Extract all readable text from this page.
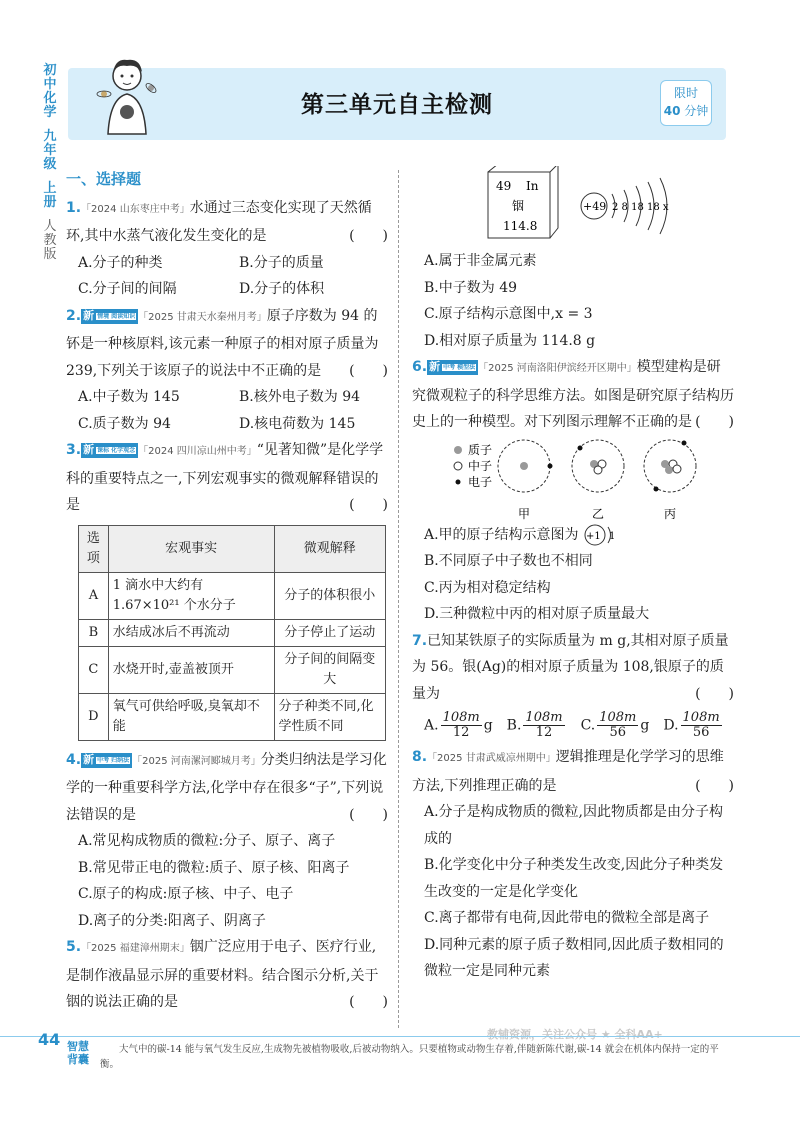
初
中
化
学
九
年
级
上
册
人
教
版
第三单元自主检测	限时
40 分钟
一、选择题
1.「2024 山东枣庄中考」水通过三态变化实现了天然循环,其中水蒸气液化发生变化的是	(　　)
A.分子的种类	B.分子的质量
C.分子间的间隔	D.分子的体积
2. 新 情境 阅读知识 「2025 甘肃天水秦州月考」原子序数为 94 的钚是一种核原料,该元素一种原子的相对原子质量为 239,下列关于该原子的说法中不正确的是 (　　)
A.中子数为 145	B.核外电子数为 94
C.质子数为 94	D.核电荷数为 145
3. 新 课标 化学观念 「2024 四川凉山州中考」“见著知微”是化学学科的重要特点之一,下列宏观事实的微观解释错误的是	(　　)
选项	宏观事实	微观解释
A	1 滴水中大约有 1.67×10²¹ 个水分子	分子的体积很小
B	水结成冰后不再流动	分子停止了运动
C	水烧开时,壶盖被顶开	分子间的间隔变大
D	氧气可供给呼吸,臭氧却不能	分子种类不同,化学性质不同
4. 新 中考 归纳法 「2025 河南漯河郾城月考」分类归纳法是学习化学的一种重要科学方法,化学中存在很多“子”,下列说法错误的是	(　　)
A.常见构成物质的微粒:分子、原子、离子
B.常见带正电的微粒:质子、原子核、阳离子
C.原子的构成:原子核、中子、电子
D.离子的分类:阳离子、阴离子
5.「2025 福建漳州期末」铟广泛应用于电子、医疗行业,是制作液晶显示屏的重要材料。结合图示分析,关于铟的说法正确的是	(　　)
49 In
铟
114.8
+49 2 8 18 18 x
A.属于非金属元素
B.中子数为 49
C.原子结构示意图中,x = 3
D.相对原子质量为 114.8 g
6. 新 中考 模型法 「2025 河南洛阳伊滨经开区期中」模型建构是研究微观粒子的科学思维方法。如图是研究原子结构历史上的一种模型。对下列图示理解不正确的是 (　　)
质子
中子
电子
甲	乙	丙
A.甲的原子结构示意图为 +1 1
B.不同原子中子数也不相同
C.丙为相对稳定结构
D.三种微粒中丙的相对原子质量最大
7.已知某铁原子的实际质量为 m g,其相对原子质量为 56。银(Ag)的相对原子质量为 108,银原子的质量为	(　　)
A. $\frac{108m}{12}$ g B. $\frac{108m}{12} C$. $\frac{108m}{56}$ g D. $\frac{108m}{56}$
8.「2025 甘肃武威凉州期中」逻辑推理是化学学习的思维方法,下列推理正确的是	(　　)
A.分子是构成物质的微粒,因此物质都是由分子构成的
B.化学变化中分子种类发生改变,因此分子种类发生改变的一定是化学变化
C.离子都带有电荷,因此带电的微粒全部是离子
D.同种元素的原子质子数相同,因此质子数相同的微粒一定是同种元素
教辅资源，关注公众号 ★ 全科AA+
44 智慧背囊
大气中的碳-14 能与氧气发生反应,生成物先被植物吸收,后被动物纳入。只要植物或动物生存着,伴随新陈代谢,碳-14 就会在机体内保持一定的平衡。
